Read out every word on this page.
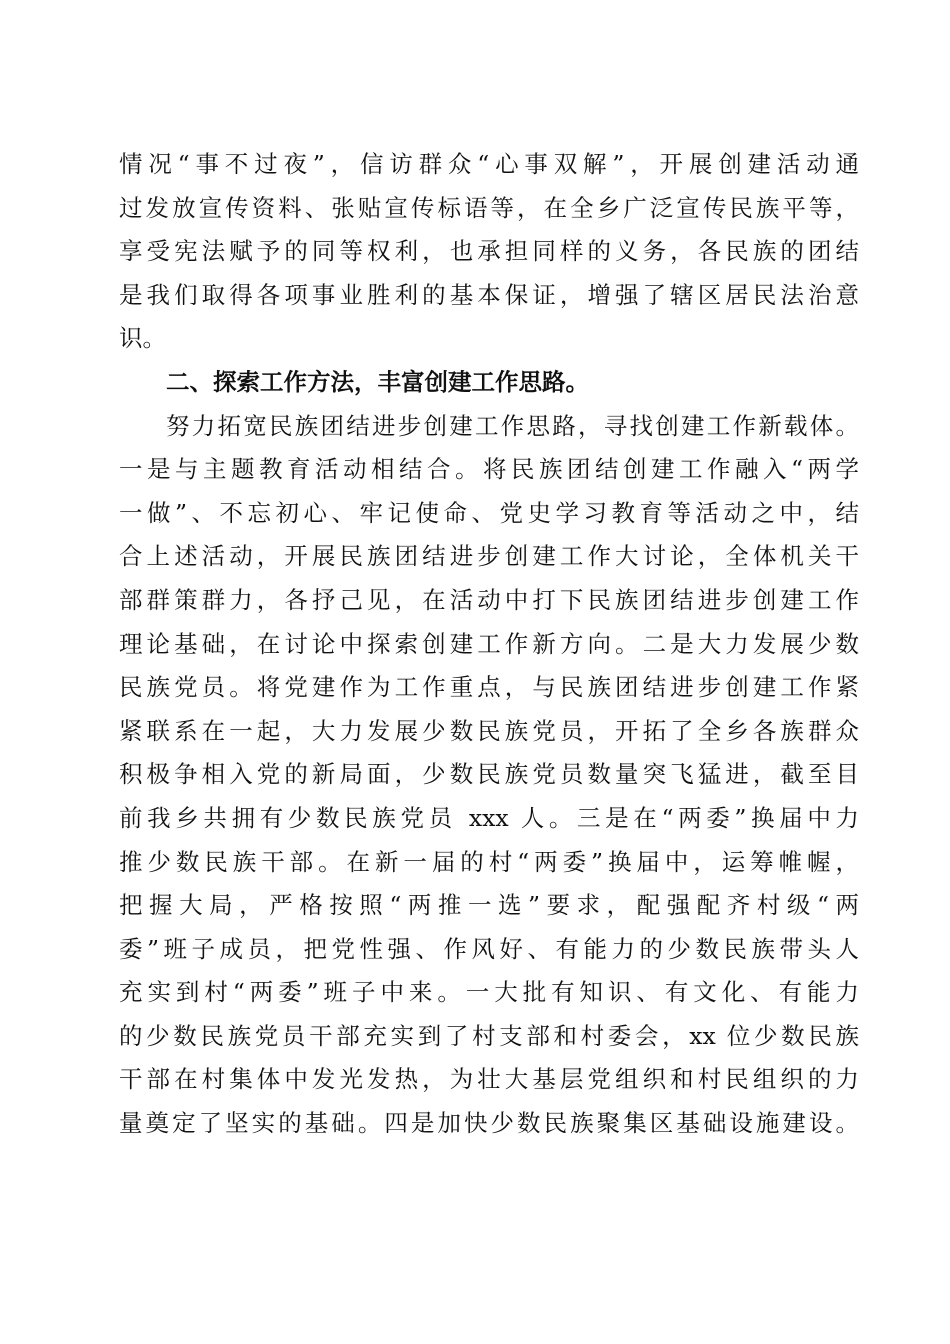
情况“事不过夜”，信访群众“心事双解”，开展创建活动通
过发放宣传资料、张贴宣传标语等，在全乡广泛宣传民族平等，
享受宪法赋予的同等权利，也承担同样的义务，各民族的团结
是我们取得各项事业胜利的基本保证，增强了辖区居民法治意
识。
二、探索工作方法，丰富创建工作思路。
努力拓宽民族团结进步创建工作思路，寻找创建工作新载体。
一是与主题教育活动相结合。将民族团结创建工作融入“两学
一做”、不忘初心、牢记使命、党史学习教育等活动之中，结
合上述活动，开展民族团结进步创建工作大讨论，全体机关干
部群策群力，各抒己见，在活动中打下民族团结进步创建工作
理论基础，在讨论中探索创建工作新方向。二是大力发展少数
民族党员。将党建作为工作重点，与民族团结进步创建工作紧
紧联系在一起，大力发展少数民族党员，开拓了全乡各族群众
积极争相入党的新局面，少数民族党员数量突飞猛进，截至目
前我乡共拥有少数民族党员 xxx 人。三是在“两委”换届中力
推少数民族干部。在新一届的村“两委”换届中，运筹帷幄，
把握大局，严格按照“两推一选”要求，配强配齐村级“两
委”班子成员，把党性强、作风好、有能力的少数民族带头人
充实到村“两委”班子中来。一大批有知识、有文化、有能力
的少数民族党员干部充实到了村支部和村委会，xx 位少数民族
干部在村集体中发光发热，为壮大基层党组织和村民组织的力
量奠定了坚实的基础。四是加快少数民族聚集区基础设施建设。
